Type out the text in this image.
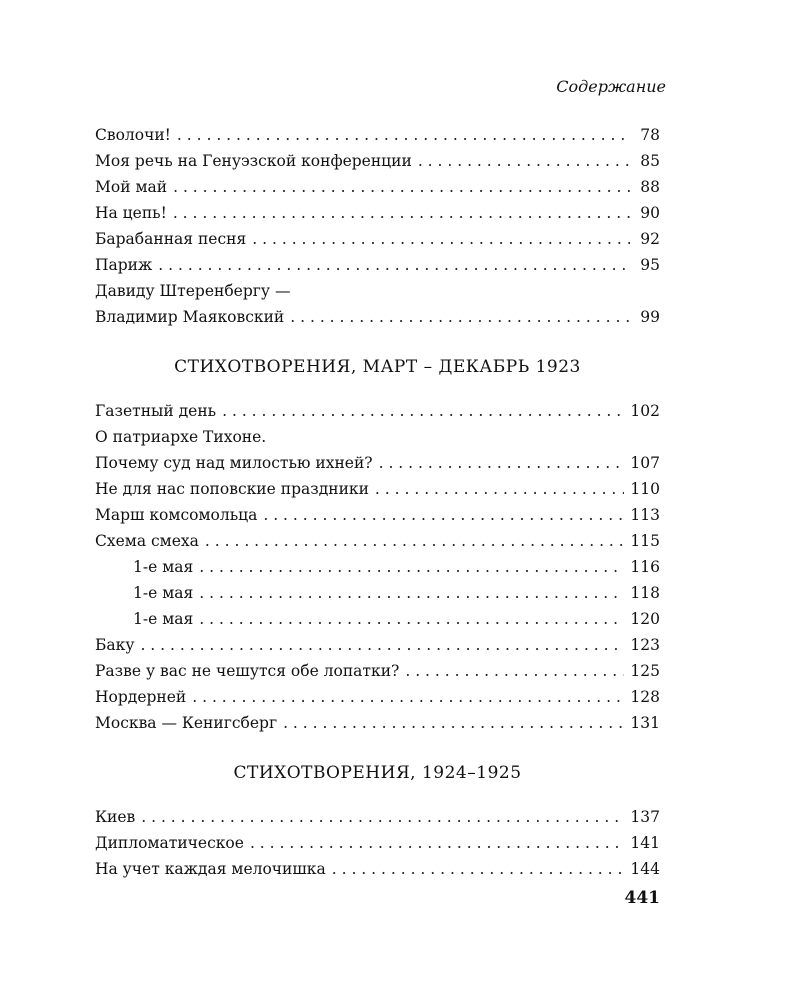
Содержание
Сволочи! . . .	78
Моя речь на Генуэзской конференции . . .	85
Мой май . . .	88
На цепь! . . .	90
Барабанная песня . . .	92
Париж . . .	95
Давиду Штеренбергу —
Владимир Маяковский . . .	99
СТИХОТВОРЕНИЯ, МАРТ – ДЕКАБРЬ 1923
Газетный день . . .	102
О патриархе Тихоне.
Почему суд над милостью ихней? . . .	107
Не для нас поповские праздники . . .	110
Марш комсомольца . . .	113
Схема смеха . . .	115
1-е мая . . .	116
1-е мая . . .	118
1-е мая . . .	120
Баку . . .	123
Разве у вас не чешутся обе лопатки? . . .	125
Нордерней . . .	128
Москва — Кенигсберг . . .	131
СТИХОТВОРЕНИЯ, 1924–1925
Киев . . .	137
Дипломатическое . . .	141
На учет каждая мелочишка . . .	144
441
